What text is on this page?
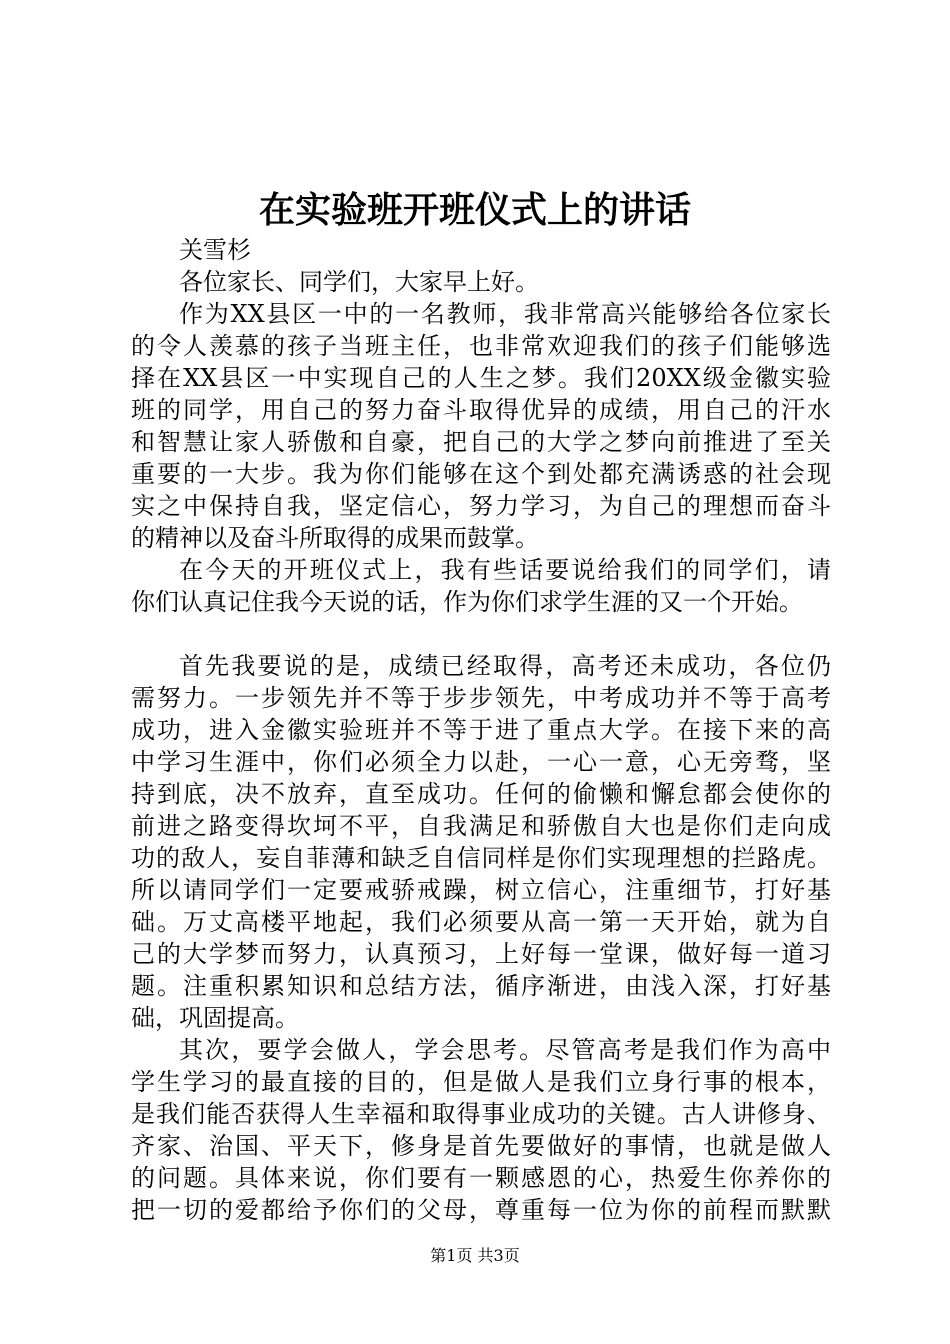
在实验班开班仪式上的讲话
关雪杉
各位家长、同学们，大家早上好。
作为XX县区一中的一名教师，我非常高兴能够给各位家长
的令人羡慕的孩子当班主任，也非常欢迎我们的孩子们能够选
择在XX县区一中实现自己的人生之梦。我们20XX级金徽实验
班的同学，用自己的努力奋斗取得优异的成绩，用自己的汗水
和智慧让家人骄傲和自豪，把自己的大学之梦向前推进了至关
重要的一大步。我为你们能够在这个到处都充满诱惑的社会现
实之中保持自我，坚定信心，努力学习，为自己的理想而奋斗
的精神以及奋斗所取得的成果而鼓掌。
在今天的开班仪式上，我有些话要说给我们的同学们，请
你们认真记住我今天说的话，作为你们求学生涯的又一个开始。
首先我要说的是，成绩已经取得，高考还未成功，各位仍
需努力。一步领先并不等于步步领先，中考成功并不等于高考
成功，进入金徽实验班并不等于进了重点大学。在接下来的高
中学习生涯中，你们必须全力以赴，一心一意，心无旁骛，坚
持到底，决不放弃，直至成功。任何的偷懒和懈怠都会使你的
前进之路变得坎坷不平，自我满足和骄傲自大也是你们走向成
功的敌人，妄自菲薄和缺乏自信同样是你们实现理想的拦路虎。
所以请同学们一定要戒骄戒躁，树立信心，注重细节，打好基
础。万丈高楼平地起，我们必须要从高一第一天开始，就为自
己的大学梦而努力，认真预习，上好每一堂课，做好每一道习
题。注重积累知识和总结方法，循序渐进，由浅入深，打好基
础，巩固提高。
其次，要学会做人，学会思考。尽管高考是我们作为高中
学生学习的最直接的目的，但是做人是我们立身行事的根本，
是我们能否获得人生幸福和取得事业成功的关键。古人讲修身、
齐家、治国、平天下，修身是首先要做好的事情，也就是做人
的问题。具体来说，你们要有一颗感恩的心，热爱生你养你的
把一切的爱都给予你们的父母，尊重每一位为你的前程而默默
第1页 共3页
